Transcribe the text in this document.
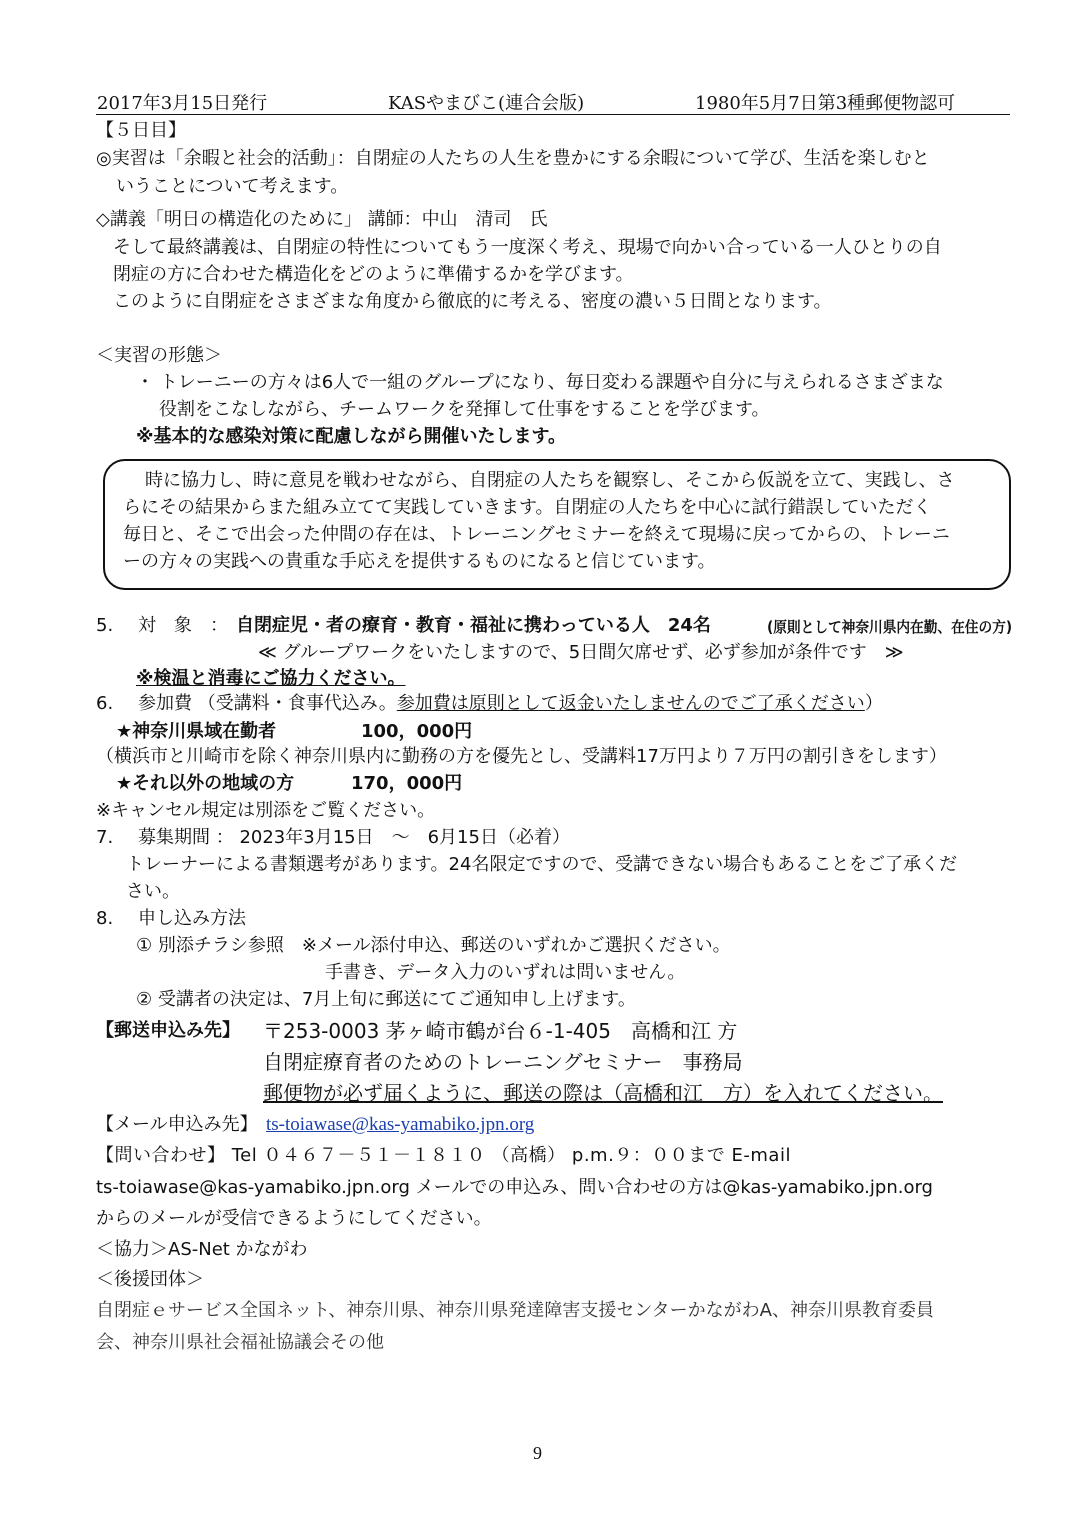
2017年3月15日発行	KASやまびこ(連合会版)	1980年5月7日第3種郵便物認可
【５日目】
◎実習は「余暇と社会的活動」：自閉症の人たちの人生を豊かにする余暇について学び、生活を楽しむと
いうことについて考えます。
◇講義「明日の構造化のために」 講師：中山　清司　氏
そして最終講義は、自閉症の特性についてもう一度深く考え、現場で向かい合っている一人ひとりの自
閉症の方に合わせた構造化をどのように準備するかを学びます。
このように自閉症をさまざまな角度から徹底的に考える、密度の濃い５日間となります。
＜実習の形態＞
・ トレーニーの方々は6人で一組のグループになり、毎日変わる課題や自分に与えられるさまざまな
役割をこなしながら、チームワークを発揮して仕事をすることを学びます。
※基本的な感染対策に配慮しながら開催いたします。
時に協力し、時に意見を戦わせながら、自閉症の人たちを観察し、そこから仮説を立て、実践し、さ
らにその結果からまた組み立てて実践していきます。自閉症の人たちを中心に試行錯誤していただく
毎日と、そこで出会った仲間の存在は、トレーニングセミナーを終えて現場に戻ってからの、トレーニ
ーの方々の実践への貴重な手応えを提供するものになると信じています。
5. 対　象　： 自閉症児・者の療育・教育・福祉に携わっている人　24名	(原則として神奈川県内在勤、在住の方)
≪ グループワークをいたしますので、5日間欠席せず、必ず参加が条件です　≫
※検温と消毒にご協力ください。
6. 参加費 （受講料・食事代込み。参加費は原則として返金いたしませんのでご了承ください）
★神奈川県域在勤者	100，000円
（横浜市と川崎市を除く神奈川県内に勤務の方を優先とし、受講料17万円より７万円の割引きをします）
★それ以外の地域の方	170，000円
※キャンセル規定は別添をご覧ください。
7. 募集期間 ： 2023年3月15日　～　6月15日（必着）
トレーナーによる書類選考があります。24名限定ですので、受講できない場合もあることをご了承くだ
さい。
8. 申し込み方法
① 別添チラシ参照　※メール添付申込、郵送のいずれかご選択ください。
手書き、データ入力のいずれは問いません。
② 受講者の決定は、7月上旬に郵送にてご通知申し上げます。
【郵送申込み先】 〒253-0003 茅ヶ崎市鶴が台６-1-405　高橋和江 方
自閉症療育者のためのトレーニングセミナー　事務局
郵便物が必ず届くように、郵送の際は（高橋和江　方）を入れてください。
【メール申込み先】 ts-toiawase@kas-yamabiko.jpn.org
【問い合わせ】 Tel ０４６７－５１－１８１０ （高橋） p.m.９：００まで E-mail
ts-toiawase@kas-yamabiko.jpn.org メールでの申込み、問い合わせの方は@kas-yamabiko.jpn.org
からのメールが受信できるようにしてください。
＜協力＞AS-Net かながわ
＜後援団体＞
自閉症ｅサービス全国ネット、神奈川県、神奈川県発達障害支援センターかながわA、神奈川県教育委員
会、神奈川県社会福祉協議会その他
9
